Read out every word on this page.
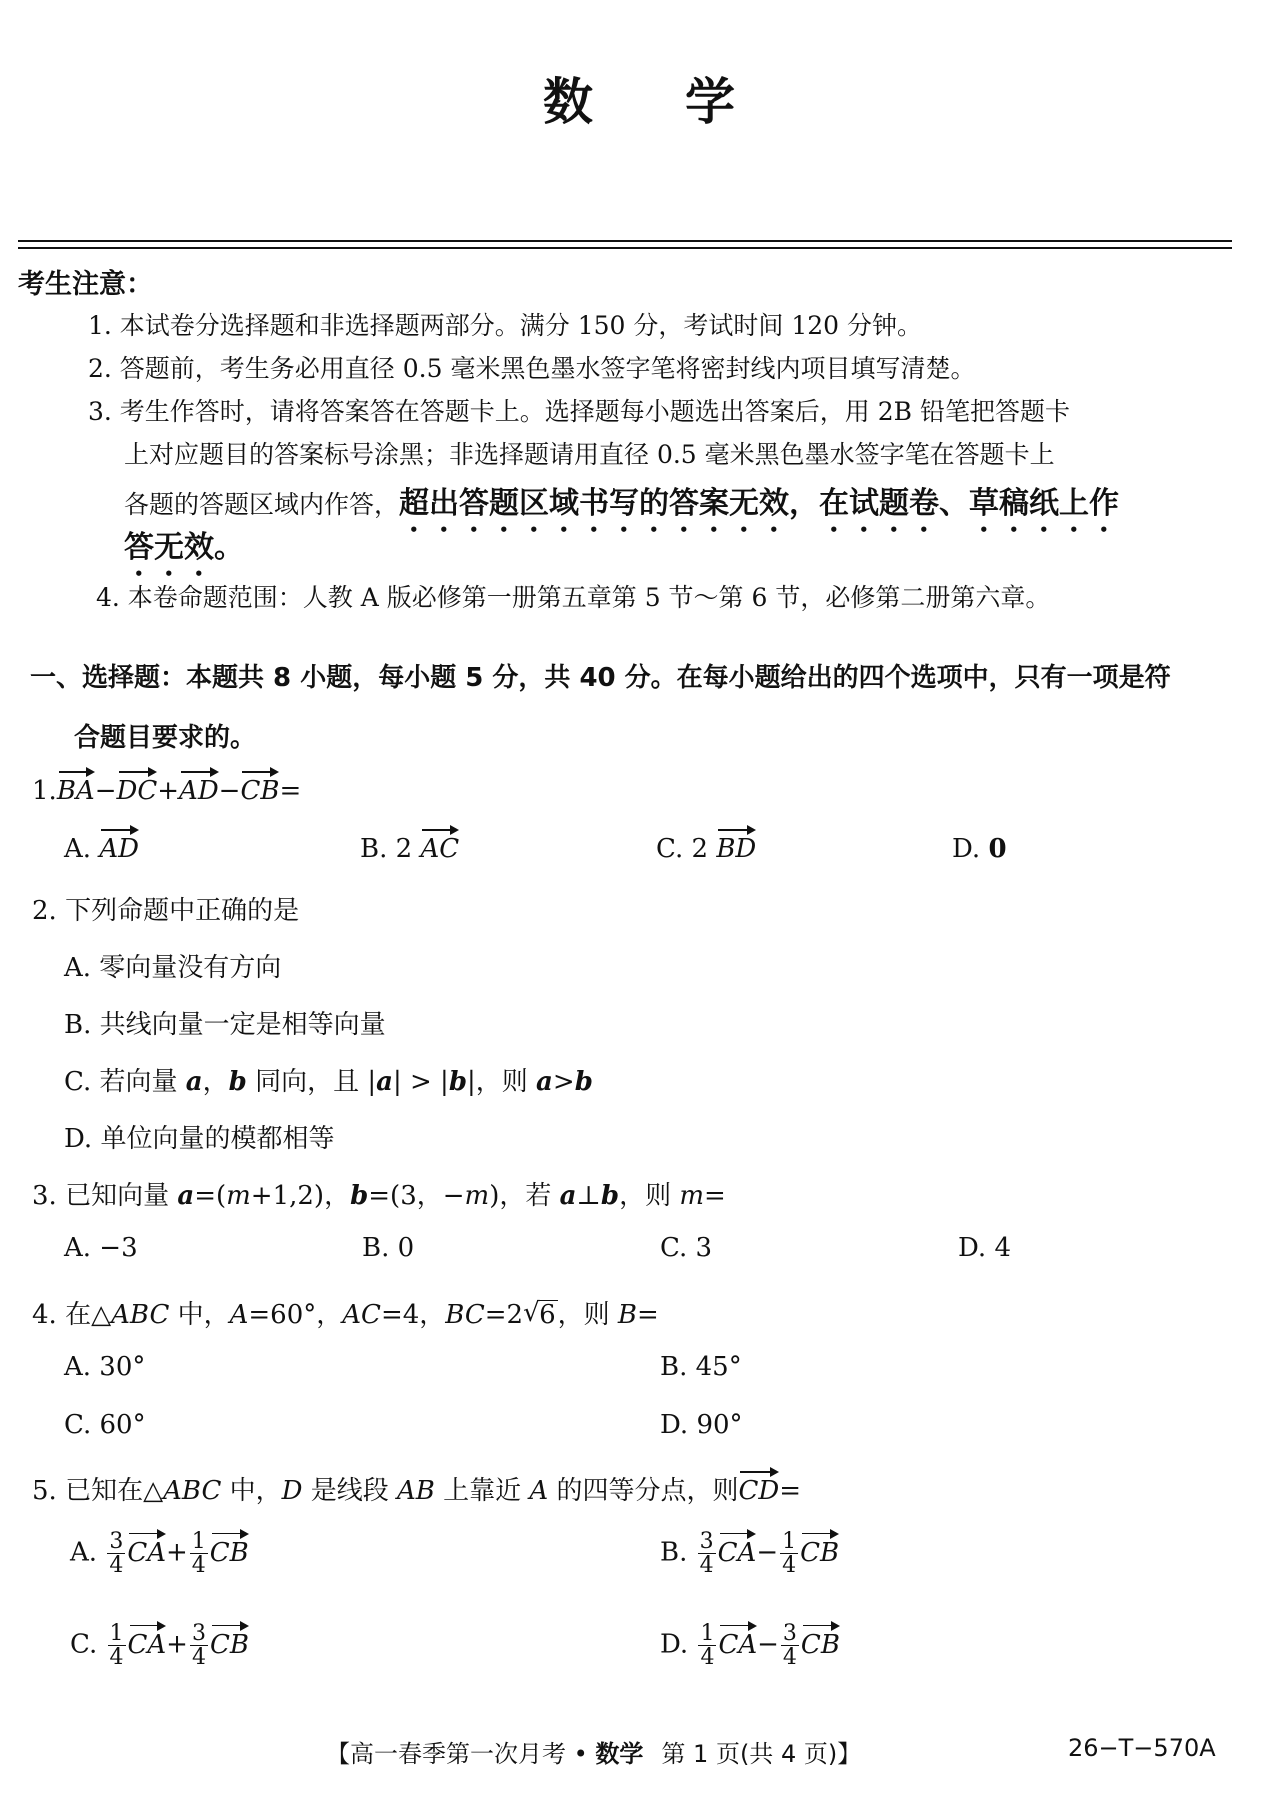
数 学
考生注意：
1. 本试卷分选择题和非选择题两部分。满分 150 分，考试时间 120 分钟。
2. 答题前，考生务必用直径 0.5 毫米黑色墨水签字笔将密封线内项目填写清楚。
3. 考生作答时，请将答案答在答题卡上。选择题每小题选出答案后，用 2B 铅笔把答题卡
上对应题目的答案标号涂黑；非选择题请用直径 0.5 毫米黑色墨水签字笔在答题卡上
各题的答题区域内作答，超出答题区域书写的答案无效，在试题卷、草稿纸上作
答无效。
4. 本卷命题范围：人教 A 版必修第一册第五章第 5 节～第 6 节，必修第二册第六章。
一、选择题：本题共 8 小题，每小题 5 分，共 40 分。在每小题给出的四个选项中，只有一项是符
合题目要求的。
1.BA−DC+AD−CB=
A. AD	B. 2 AC	C. 2 BD	D. 0
2. 下列命题中正确的是
A. 零向量没有方向
B. 共线向量一定是相等向量
C. 若向量 a，b 同向，且 |a| > |b|，则 a>b
D. 单位向量的模都相等
3. 已知向量 a=(m+1,2)，b=(3，−m)，若 a⊥b，则 m=
A. −3	B. 0	C. 3	D. 4
4. 在△ABC 中，A=60°，AC=4，BC=2√ 6，则 B=
A. 30°	B. 45°
C. 60°	D. 90°
5. 已知在△ABC 中，D 是线段 AB 上靠近 A 的四等分点，则CD=
A. $\frac{3}{4} CA+ \frac{1}{4}$ CB	B. $\frac{3}{4} CA- \frac{1}{4}$ CB
C. $\frac{1}{4} CA+ \frac{3}{4}$ CB	D. $\frac{1}{4} CA- \frac{3}{4}$ CB
【高一春季第一次月考 • 数学 第 1 页(共 4 页)】	26−T−570A
